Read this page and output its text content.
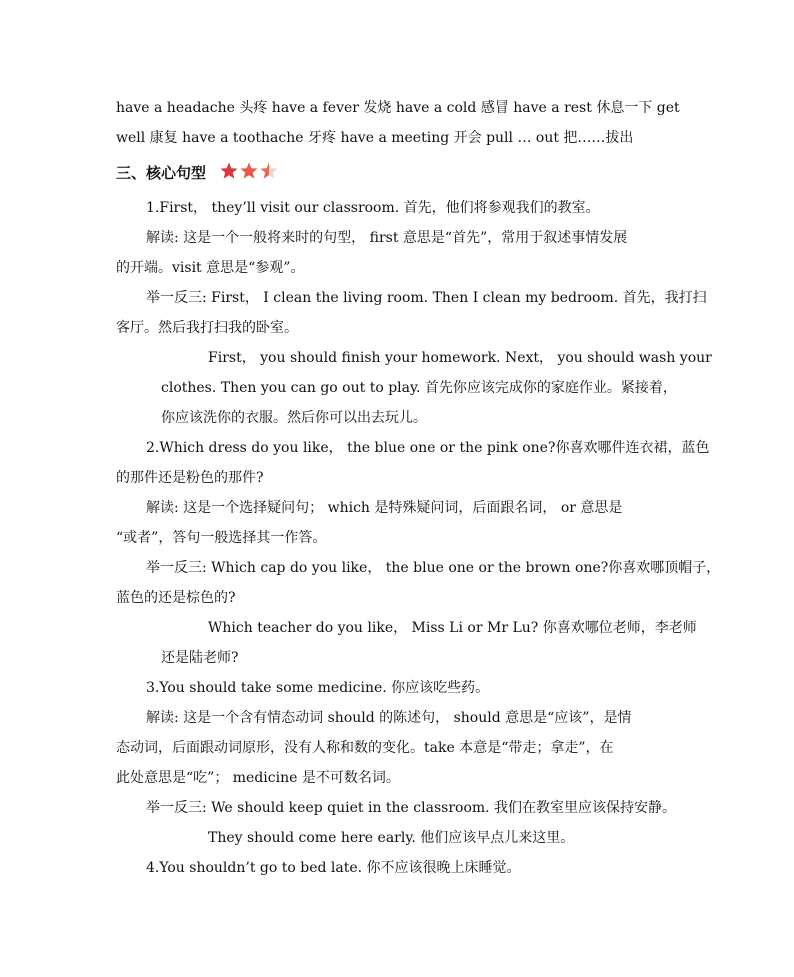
have a headache 头疼 have a fever 发烧 have a cold 感冒 have a rest 休息一下 get
well 康复 have a toothache 牙疼 have a meeting 开会 pull … out 把……拔出
三、核心句型
1.First， they’ll visit our classroom. 首先，他们将参观我们的教室。
解读: 这是一个一般将来时的句型， first 意思是“首先”，常用于叙述事情发展
的开端。visit 意思是“参观”。
举一反三: First， I clean the living room. Then I clean my bedroom. 首先，我打扫
客厅。然后我打扫我的卧室。
First， you should finish your homework. Next， you should wash your
clothes. Then you can go out to play. 首先你应该完成你的家庭作业。紧接着，
你应该洗你的衣服。然后你可以出去玩儿。
2.Which dress do you like， the blue one or the pink one?你喜欢哪件连衣裙，蓝色
的那件还是粉色的那件?
解读: 这是一个选择疑问句； which 是特殊疑问词，后面跟名词， or 意思是
“或者”，答句一般选择其一作答。
举一反三: Which cap do you like， the blue one or the brown one?你喜欢哪顶帽子，
蓝色的还是棕色的?
Which teacher do you like， Miss Li or Mr Lu? 你喜欢哪位老师，李老师
还是陆老师?
3.You should take some medicine. 你应该吃些药。
解读: 这是一个含有情态动词 should 的陈述句， should 意思是“应该”，是情
态动词，后面跟动词原形，没有人称和数的变化。take 本意是“带走；拿走”，在
此处意思是“吃”； medicine 是不可数名词。
举一反三: We should keep quiet in the classroom. 我们在教室里应该保持安静。
They should come here early. 他们应该早点儿来这里。
4.You shouldn’t go to bed late. 你不应该很晚上床睡觉。
